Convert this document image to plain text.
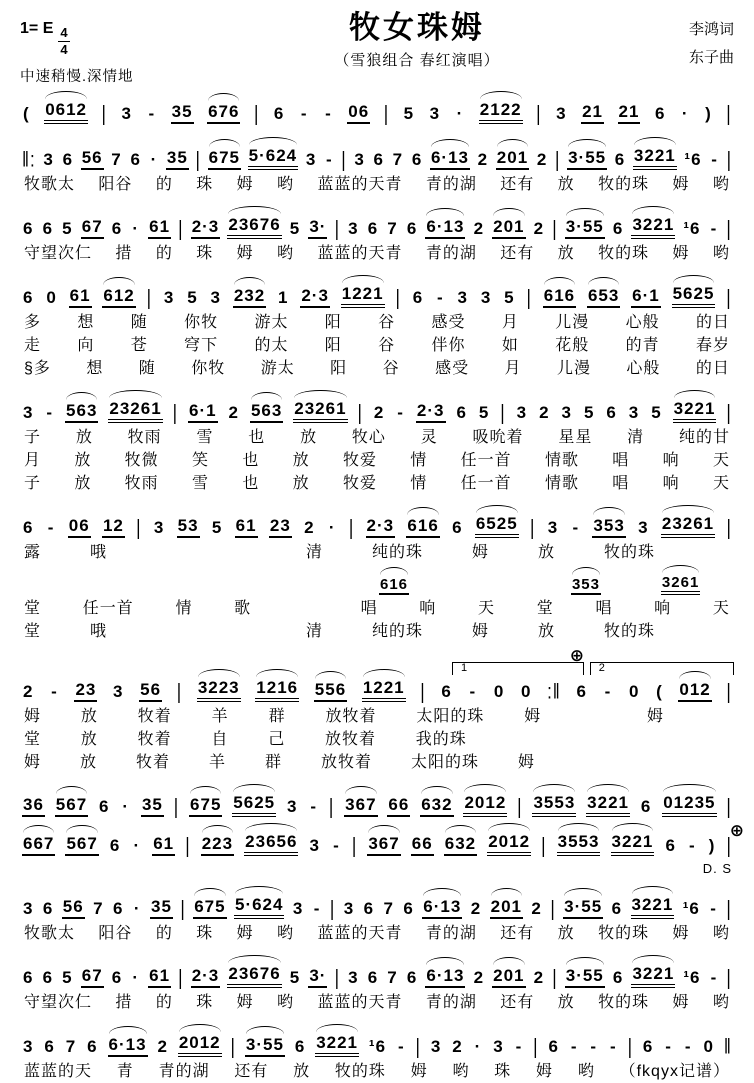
1= E $\frac{4}{4}$
中速稍慢.深情地
牧女珠姆
（雪狼组合 春红演唱）
李鸿词
东子曲
( 0612 | 3 - 35 676 | 6 - - 06 | 5 3 · 2122 | 3 21 21 6 · ) |
‖: 3 6 56 7 6 · 35 | 675 5·624 3 - | 3 6 7 6 6·13 2 201 2 | 3·55 6 3221 ¹6 - |
牧歌太 阳谷 的 珠 姆 哟 蓝蓝的天青 青的湖 还有 放 牧的珠 姆 哟
6 6 5 67 6 · 61 | 2·3 23676 5 3· | 3 6 7 6 6·13 2 201 2 | 3·55 6 3221 ¹6 - |
守望次仁 措 的 珠 姆 哟 蓝蓝的天青 青的湖 还有 放 牧的珠 姆 哟
6 0 61 612 | 3 5 3 232 1 2·3 1221 | 6 - 3 3 5 | 616 653 6·1 5625 |
多 想 随 你牧 游太 阳 谷 感受 月 儿漫 心般 的日
走 向 苍 穹下 的太 阳 谷 伴你 如 花般 的青 春岁
§多 想 随 你牧 游太 阳 谷 感受 月 儿漫 心般 的日
3 - 563 23261 | 6·1 2 563 23261 | 2 - 2·3 6 5 | 3 2 3 5 6 3 5 3221 |
子 放 牧雨 雪 也 放 牧心 灵 吸吮着 星星 清 纯的甘
月 放 牧微 笑 也 放 牧爱 情 任一首 情歌 唱 响 天
子 放 牧雨 雪 也 放 牧爱 情 任一首 情歌 唱 响 天
6 - 06 12 | 3 53 5 61 23 2 · | 2·3 616 6 6525 | 3 - 353 3 23261 |
露	哦	清	纯的珠	姆	放	牧的珠
616	353	3261
堂	任一首	情	歌	唱	响	天	堂	唱	响	天
堂	哦	清	纯的珠	姆	放	牧的珠
1	2
⊕
2 - 23 3 56 | 3223 1216 556 1221 | 6 - 0 0 :‖ 6 - 0 ( 012 |
姆 放 牧着 羊 群 放牧着 太阳的珠 姆	姆
堂 放 牧着 自 己 放牧着 我的珠
姆 放 牧着 羊 群 放牧着 太阳的珠 姆
⊕
36 567 6 · 35 | 675 5625 3 - | 367 66 632 2012 | 3553 3221 6 01235 |
667 567 6 · 61 | 223 23656 3 - | 367 66 632 2012 | 3553 3221 6 - ) |
D. S
3 6 56 7 6 · 35 | 675 5·624 3 - | 3 6 7 6 6·13 2 201 2 | 3·55 6 3221 ¹6 - |
牧歌太 阳谷 的 珠 姆 哟 蓝蓝的天青 青的湖 还有 放 牧的珠 姆 哟
6 6 5 67 6 · 61 | 2·3 23676 5 3· | 3 6 7 6 6·13 2 201 2 | 3·55 6 3221 ¹6 - |
守望次仁 措 的 珠 姆 哟 蓝蓝的天青 青的湖 还有 放 牧的珠 姆 哟
3 6 7 6 6·13 2 2012 | 3·55 6 3221 ¹6 - | 3 2 · 3 - | 6 - - - | 6 - - 0 ‖
蓝蓝的天 青 青的湖 还有 放 牧的珠 姆 哟 珠 姆 哟 （fkqyx记谱）
